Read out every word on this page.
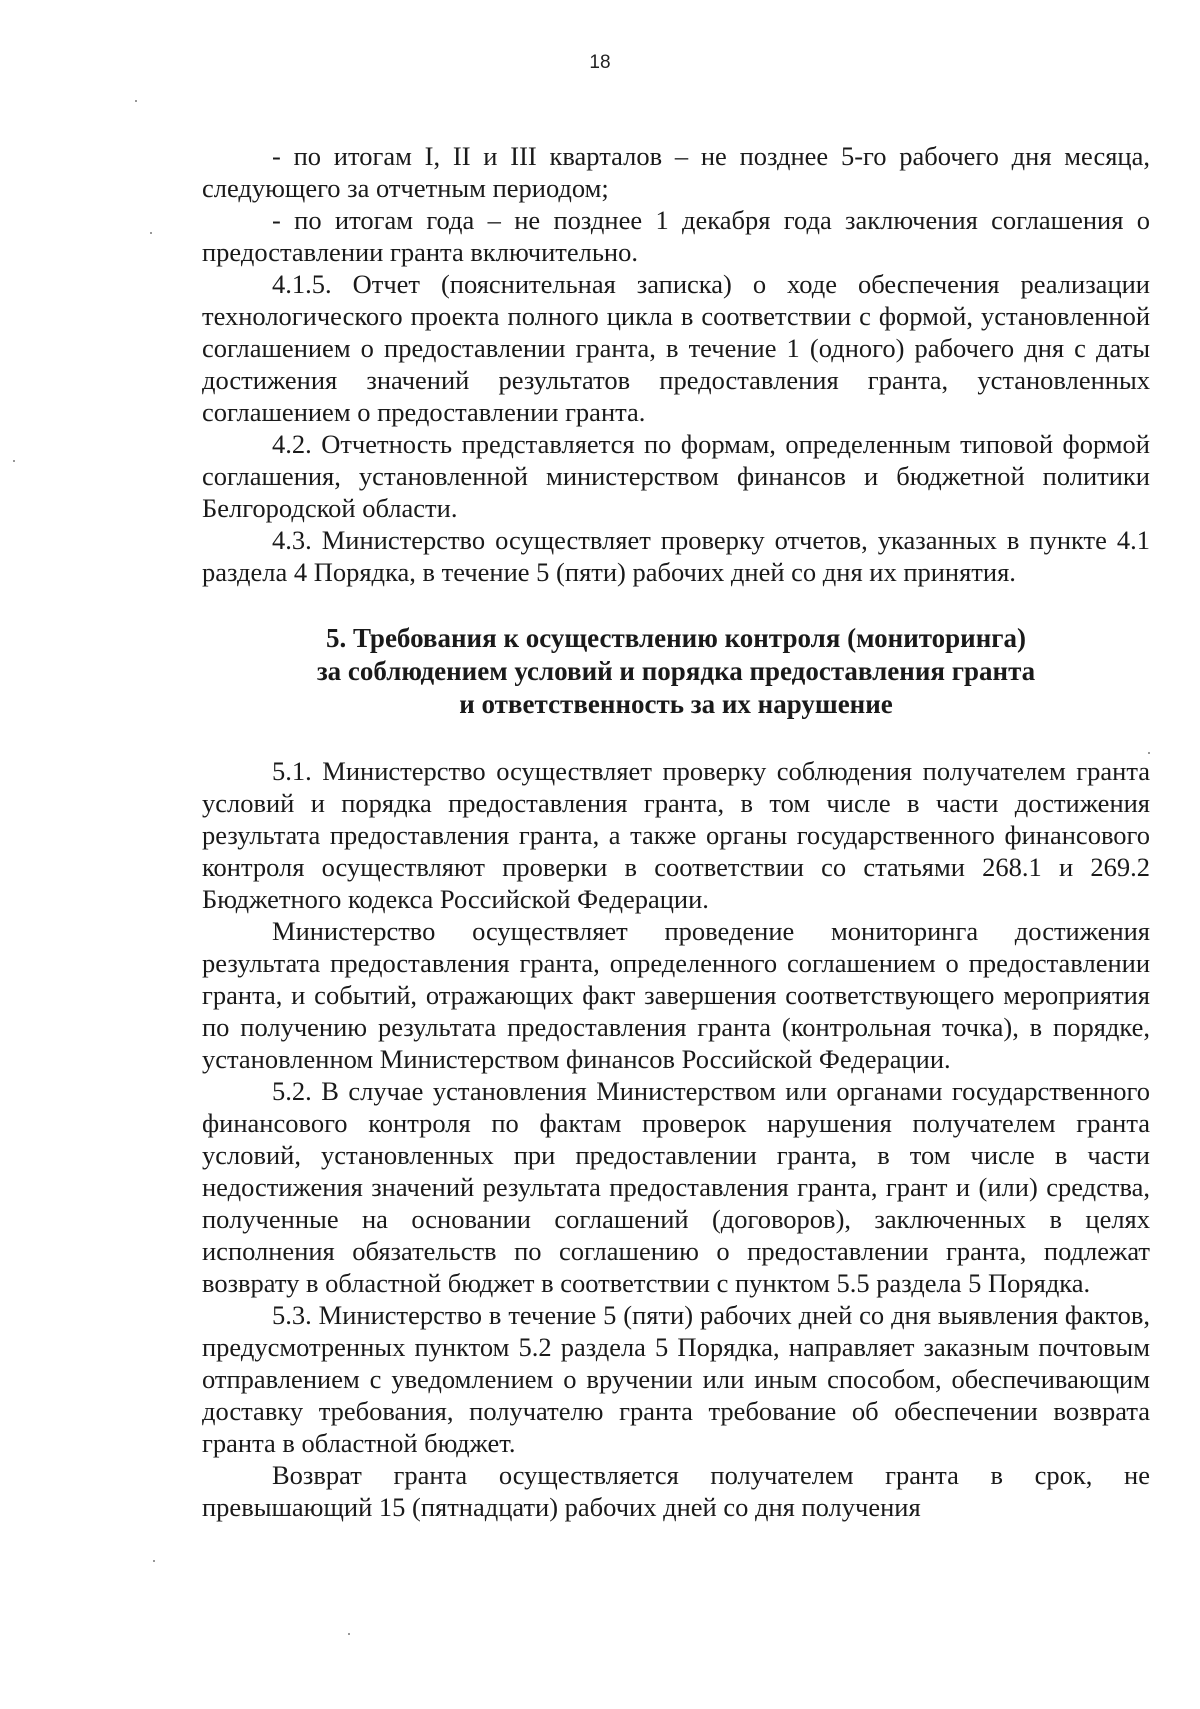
18

- по итогам I, II и III кварталов – не позднее 5-го рабочего дня месяца, следующего за отчетным периодом;

- по итогам года – не позднее 1 декабря года заключения соглашения о предоставлении гранта включительно.

4.1.5. Отчет (пояснительная записка) о ходе обеспечения реализации технологического проекта полного цикла в соответствии с формой, установленной соглашением о предоставлении гранта, в течение 1 (одного) рабочего дня с даты достижения значений результатов предоставления гранта, установленных соглашением о предоставлении гранта.

4.2. Отчетность представляется по формам, определенным типовой формой соглашения, установленной министерством финансов и бюджетной политики Белгородской области.

4.3. Министерство осуществляет проверку отчетов, указанных в пункте 4.1 раздела 4 Порядка, в течение 5 (пяти) рабочих дней со дня их принятия.

5. Требования к осуществлению контроля (мониторинга)
за соблюдением условий и порядка предоставления гранта
и ответственность за их нарушение

5.1. Министерство осуществляет проверку соблюдения получателем гранта условий и порядка предоставления гранта, в том числе в части достижения результата предоставления гранта, а также органы государственного финансового контроля осуществляют проверки в соответствии со статьями 268.1 и 269.2 Бюджетного кодекса Российской Федерации.

Министерство осуществляет проведение мониторинга достижения результата предоставления гранта, определенного соглашением о предоставлении гранта, и событий, отражающих факт завершения соответствующего мероприятия по получению результата предоставления гранта (контрольная точка), в порядке, установленном Министерством финансов Российской Федерации.

5.2. В случае установления Министерством или органами государственного финансового контроля по фактам проверок нарушения получателем гранта условий, установленных при предоставлении гранта, в том числе в части недостижения значений результата предоставления гранта, грант и (или) средства, полученные на основании соглашений (договоров), заключенных в целях исполнения обязательств по соглашению о предоставлении гранта, подлежат возврату в областной бюджет в соответствии с пунктом 5.5 раздела 5 Порядка.

5.3. Министерство в течение 5 (пяти) рабочих дней со дня выявления фактов, предусмотренных пунктом 5.2 раздела 5 Порядка, направляет заказным почтовым отправлением с уведомлением о вручении или иным способом, обеспечивающим доставку требования, получателю гранта требование об обеспечении возврата гранта в областной бюджет.

Возврат гранта осуществляется получателем гранта в срок, не превышающий 15 (пятнадцати) рабочих дней со дня получения
